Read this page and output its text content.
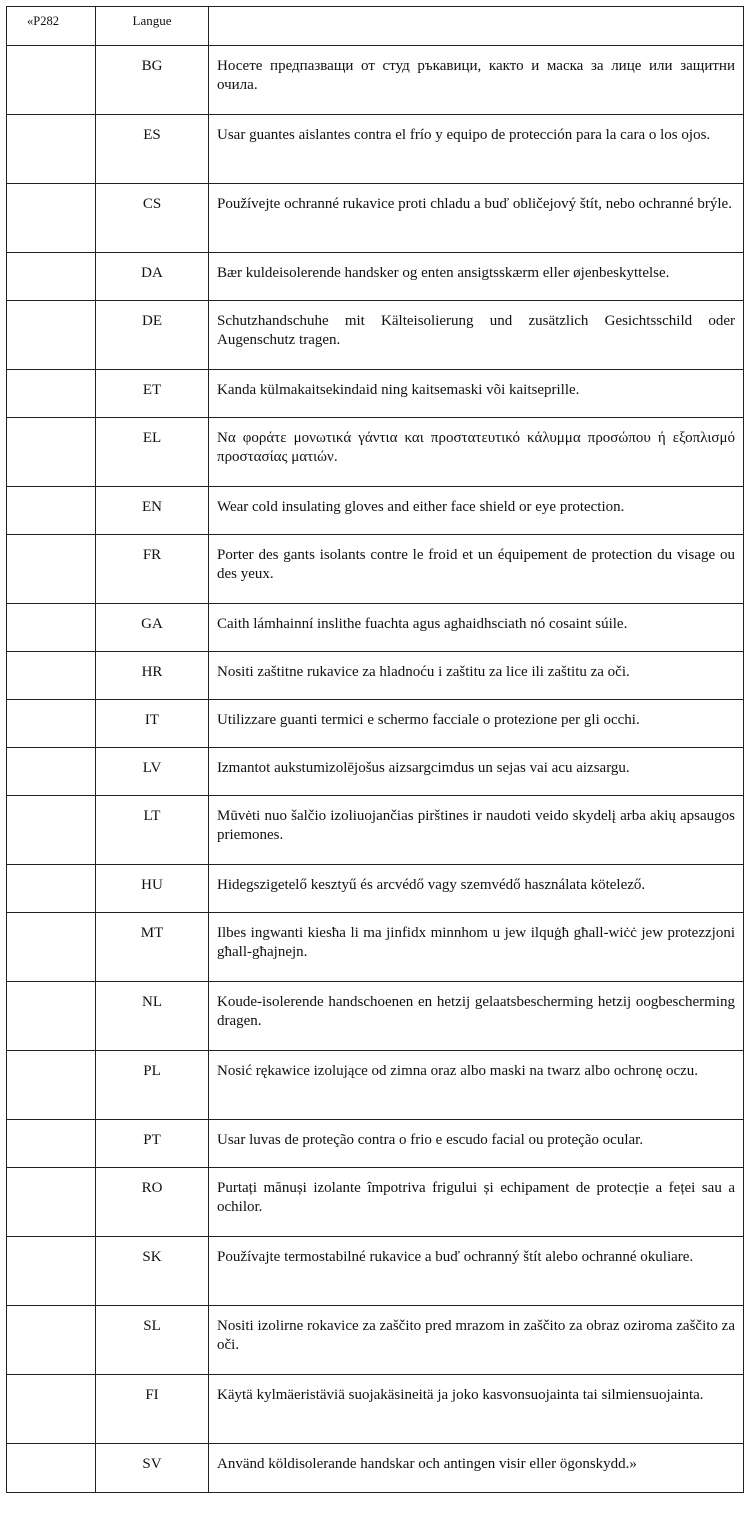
«P282	Langue	
	BG	Носете предпазващи от студ ръкавици, както и маска за лице или защитни очила.
	ES	Usar guantes aislantes contra el frío y equipo de protección para la cara o los ojos.
	CS	Používejte ochranné rukavice proti chladu a buď obličejový štít, nebo ochranné brýle.
	DA	Bær kuldeisolerende handsker og enten ansigtsskærm eller øjenbeskyttelse.
	DE	Schutzhandschuhe mit Kälteisolierung und zusätzlich Gesichtsschild oder Augenschutz tragen.
	ET	Kanda külmakaitsekindaid ning kaitsemaski või kaitseprille.
	EL	Να φοράτε μονωτικά γάντια και προστατευτικό κάλυμμα προσώπου ή εξοπλισμό προστασίας ματιών.
	EN	Wear cold insulating gloves and either face shield or eye protection.
	FR	Porter des gants isolants contre le froid et un équipement de protection du visage ou des yeux.
	GA	Caith lámhainní inslithe fuachta agus aghaidhsciath nó cosaint súile.
	HR	Nositi zaštitne rukavice za hladnoću i zaštitu za lice ili zaštitu za oči.
	IT	Utilizzare guanti termici e schermo facciale o protezione per gli occhi.
	LV	Izmantot aukstumizolējošus aizsargcimdus un sejas vai acu aizsargu.
	LT	Mūvėti nuo šalčio izoliuojančias pirštines ir naudoti veido skydelį arba akių apsaugos priemones.
	HU	Hidegszigetelő kesztyű és arcvédő vagy szemvédő használata kötelező.
	MT	Ilbes ingwanti kiesħa li ma jinfidx minnhom u jew ilquġħ għall-wiċċ jew protezzjoni għall-għajnejn.
	NL	Koude-isolerende handschoenen en hetzij gelaatsbescherming hetzij oogbescherming dragen.
	PL	Nosić rękawice izolujące od zimna oraz albo maski na twarz albo ochronę oczu.
	PT	Usar luvas de proteção contra o frio e escudo facial ou proteção ocular.
	RO	Purtați mănuși izolante împotriva frigului și echipament de protecție a feței sau a ochilor.
	SK	Používajte termostabilné rukavice a buď ochranný štít alebo ochranné okuliare.
	SL	Nositi izolirne rokavice za zaščito pred mrazom in zaščito za obraz oziroma zaščito za oči.
	FI	Käytä kylmäeristäviä suojakäsineitä ja joko kasvonsuojainta tai silmiensuojainta.
	SV	Använd köldisolerande handskar och antingen visir eller ögonskydd.»
